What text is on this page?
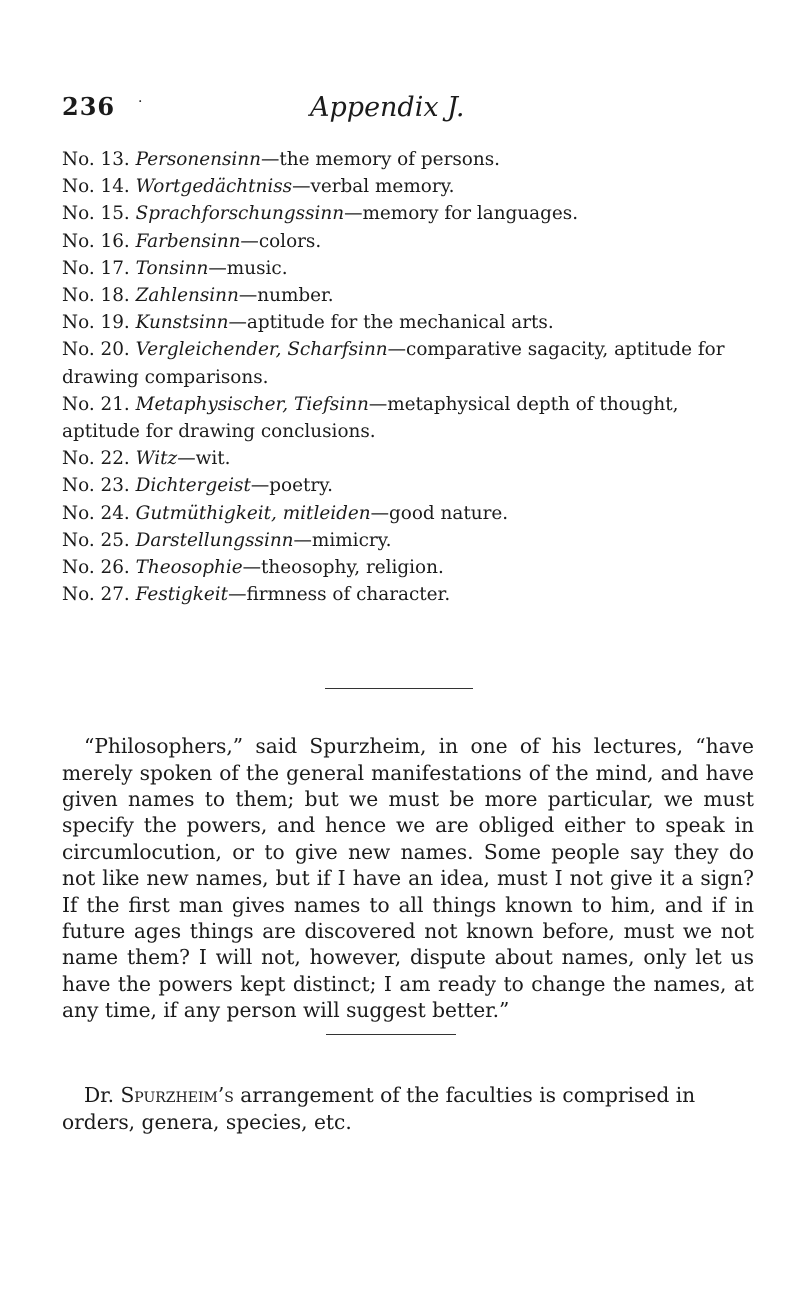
236 ·	Appendix J.
No. 13. Personensinn—the memory of persons.
No. 14. Wortgedächtniss—verbal memory.
No. 15. Sprachforschungssinn—memory for languages.
No. 16. Farbensinn—colors.
No. 17. Tonsinn—music.
No. 18. Zahlensinn—number.
No. 19. Kunstsinn—aptitude for the mechanical arts.
No. 20. Vergleichender, Scharfsinn—comparative sagacity, aptitude for drawing comparisons.
No. 21. Metaphysischer, Tiefsinn—metaphysical depth of thought, aptitude for drawing conclusions.
No. 22. Witz—wit.
No. 23. Dichtergeist—poetry.
No. 24. Gutmüthigkeit, mitleiden—good nature.
No. 25. Darstellungssinn—mimicry.
No. 26. Theosophie—theosophy, religion.
No. 27. Festigkeit—firmness of character.

“Philosophers,” said Spurzheim, in one of his lectures, “have merely spoken of the general manifestations of the mind, and have given names to them; but we must be more particular, we must specify the powers, and hence we are obliged either to speak in circumlocution, or to give new names. Some people say they do not like new names, but if I have an idea, must I not give it a sign? If the first man gives names to all things known to him, and if in future ages things are discovered not known before, must we not name them? I will not, however, dispute about names, only let us have the powers kept distinct; I am ready to change the names, at any time, if any person will suggest better.”

Dr. Spurzheim’s arrangement of the faculties is comprised in orders, genera, species, etc.
